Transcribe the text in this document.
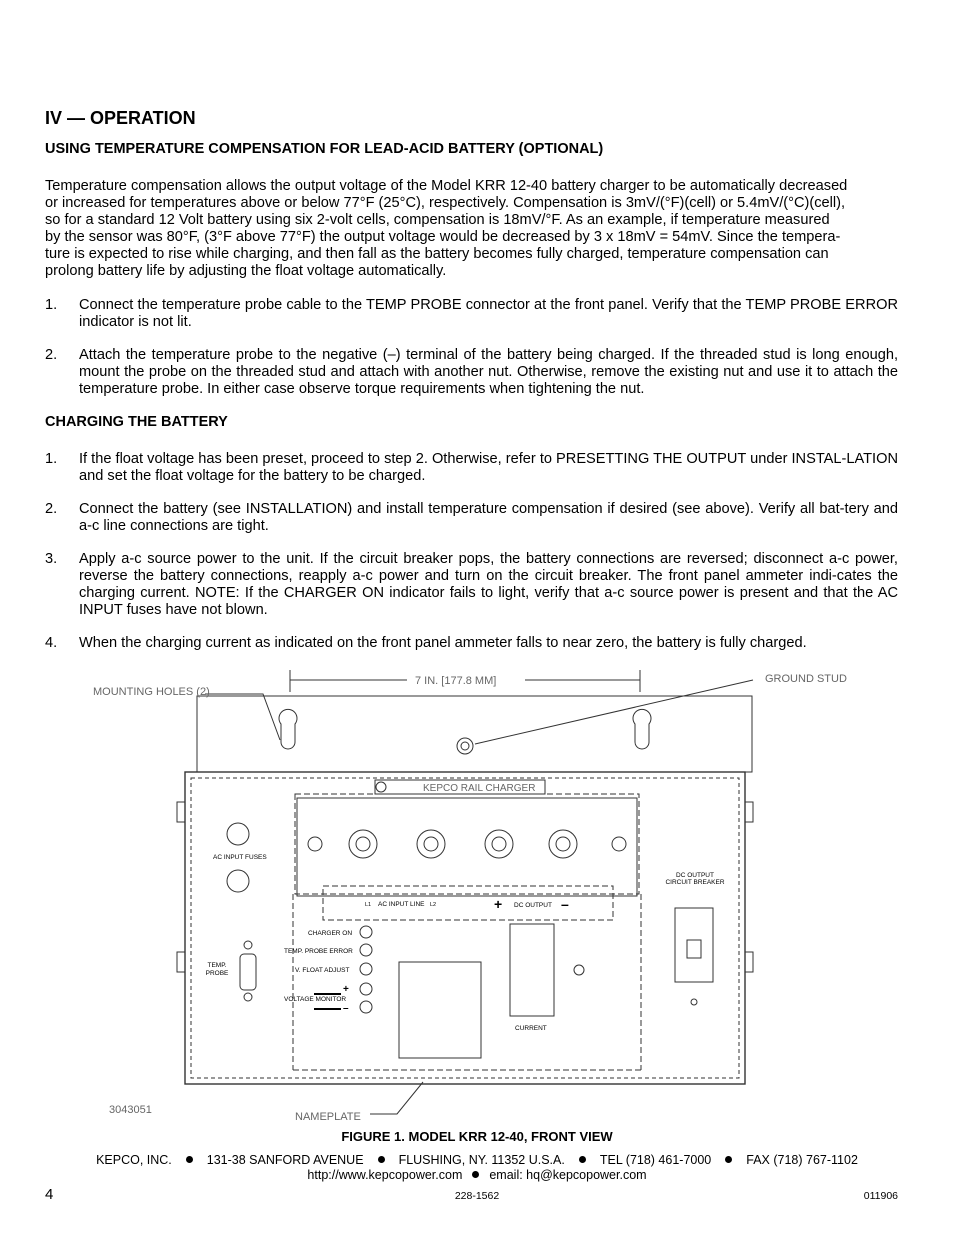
IV — OPERATION
USING TEMPERATURE COMPENSATION FOR LEAD-ACID BATTERY (OPTIONAL)
Temperature compensation allows the output voltage of the Model KRR 12-40 battery charger to be automatically decreased
or increased for temperatures above or below 77°F (25°C), respectively. Compensation is 3mV/(°F)(cell) or 5.4mV/(°C)(cell),
so for a standard 12 Volt battery using six 2-volt cells, compensation is 18mV/°F. As an example, if temperature measured
by the sensor was 80°F, (3°F above 77°F) the output voltage would be decreased by 3 x 18mV = 54mV. Since the tempera-
ture is expected to rise while charging, and then fall as the battery becomes fully charged, temperature compensation can
prolong battery life by adjusting the float voltage automatically.
1. Connect the temperature probe cable to the TEMP PROBE connector at the front panel. Verify that the TEMP PROBE ERROR indicator is not lit.
2. Attach the temperature probe to the negative (–) terminal of the battery being charged. If the threaded stud is long enough, mount the probe on the threaded stud and attach with another nut. Otherwise, remove the existing nut and use it to attach the temperature probe. In either case observe torque requirements when tightening the nut.
CHARGING THE BATTERY
1. If the float voltage has been preset, proceed to step 2. Otherwise, refer to PRESETTING THE OUTPUT under INSTAL-LATION and set the float voltage for the battery to be charged.
2. Connect the battery (see INSTALLATION) and install temperature compensation if desired (see above). Verify all bat-tery and a-c line connections are tight.
3. Apply a-c source power to the unit. If the circuit breaker pops, the battery connections are reversed; disconnect a-c power, reverse the battery connections, reapply a-c power and turn on the circuit breaker. The front panel ammeter indi-cates the charging current. NOTE: If the CHARGER ON indicator fails to light, verify that a-c source power is present and that the AC INPUT fuses have not blown.
4. When the charging current as indicated on the front panel ammeter falls to near zero, the battery is fully charged.
MOUNTING HOLES (2)
7 IN. [177.8 MM]	GROUND STUD
3043051
NAMEPLATE
KEPCO RAIL CHARGER
AC INPUT FUSES
DC OUTPUT
CIRCUIT BREAKER
L1 AC INPUT LINE L2	+ DC OUTPUT –
CHARGER ON
TEMP. PROBE ERROR
V. FLOAT ADJUST
VOLTAGE MONITOR
+
–
TEMP.
PROBE
CURRENT
FIGURE 1. MODEL KRR 12-40, FRONT VIEW
KEPCO, INC.	131-38 SANFORD AVENUE	FLUSHING, NY. 11352 U.S.A.	TEL (718) 461-7000	FAX (718) 767-1102
http://www.kepcopower.com email: hq@kepcopower.com
4	228-1562	011906
